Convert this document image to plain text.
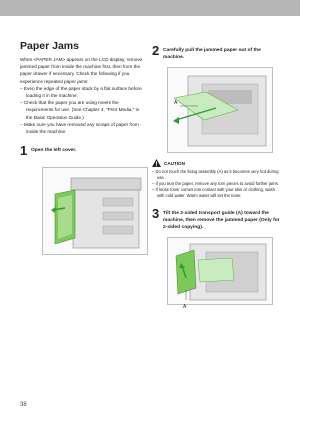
Paper Jams

When <PAPER JAM> appears on the LCD display, remove jammed paper from inside the machine first, then from the paper drawer if necessary. Check the following if you experience repeated paper jams:

– Even the edge of the paper stack by a flat surface before loading it in the machine.
– Check that the paper you are using meets the requirements for use. (See Chapter 3, "Print Media," in the Basic Operation Guide.)
– Make sure you have removed any scraps of paper from inside the machine.
1 Open the left cover.
2 Carefully pull the jammed paper out of the machine.
A
CAUTION
– Do not touch the fixing assembly (A) as it becomes very hot during use.
– If you tear the paper, remove any torn pieces to avoid further jams.
– If loose toner comes into contact with your skin or clothing, wash with cold water. Warm water will set the toner.
3 Tilt the 2-sided transport guide (A) toward the machine, then remove the jammed paper (Only for 2-sided copying).
A
38
